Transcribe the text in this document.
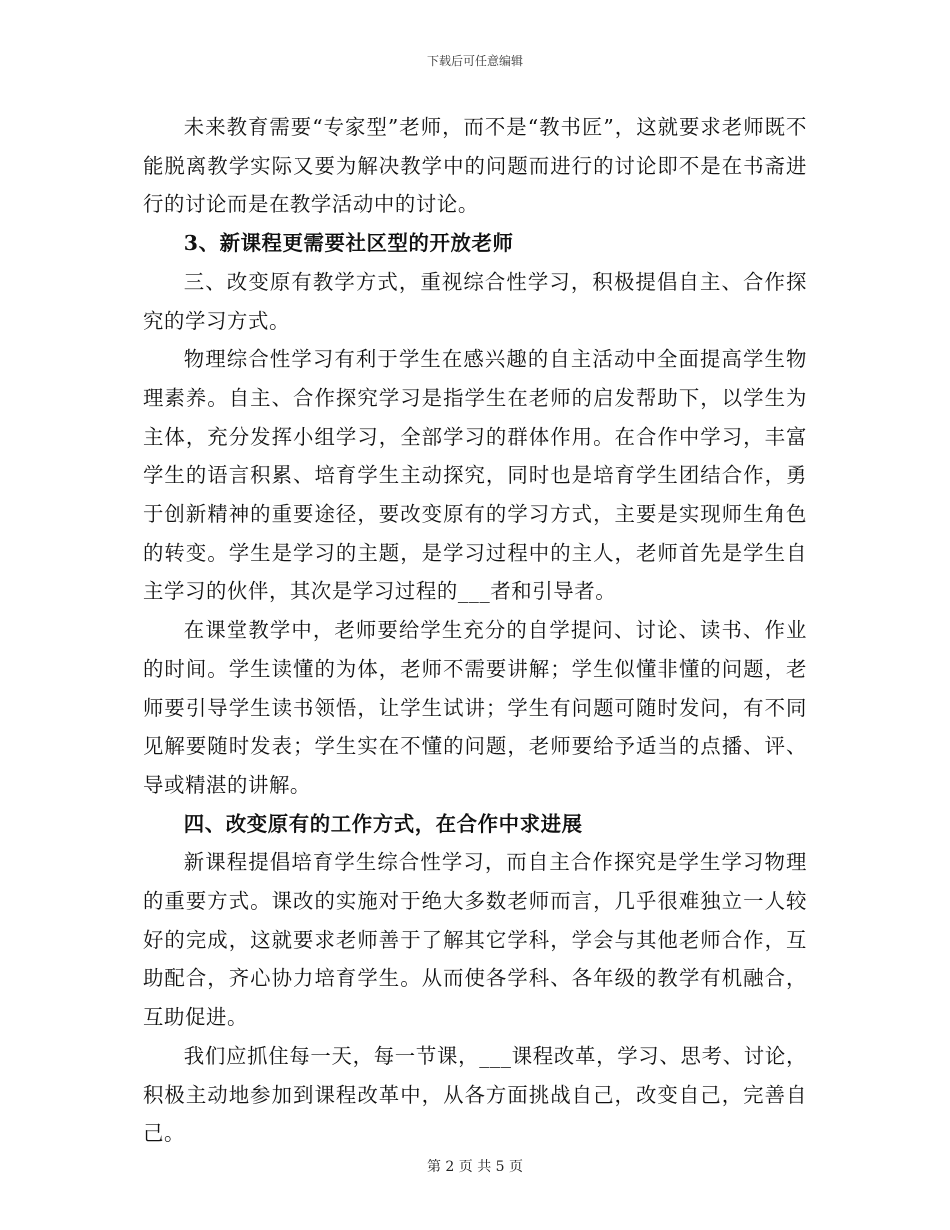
下载后可任意编辑

未来教育需要“专家型”老师，而不是“教书匠”，这就要求老师既不能脱离教学实际又要为解决教学中的问题而进行的讨论即不是在书斋进行的讨论而是在教学活动中的讨论。

3、新课程更需要社区型的开放老师

三、改变原有教学方式，重视综合性学习，积极提倡自主、合作探究的学习方式。

物理综合性学习有利于学生在感兴趣的自主活动中全面提高学生物理素养。自主、合作探究学习是指学生在老师的启发帮助下，以学生为主体，充分发挥小组学习，全部学习的群体作用。在合作中学习，丰富学生的语言积累、培育学生主动探究，同时也是培育学生团结合作，勇于创新精神的重要途径，要改变原有的学习方式，主要是实现师生角色的转变。学生是学习的主题，是学习过程中的主人，老师首先是学生自主学习的伙伴，其次是学习过程的___者和引导者。

在课堂教学中，老师要给学生充分的自学提问、讨论、读书、作业的时间。学生读懂的为体，老师不需要讲解；学生似懂非懂的问题，老师要引导学生读书领悟，让学生试讲；学生有问题可随时发问，有不同见解要随时发表；学生实在不懂的问题，老师要给予适当的点播、评、导或精湛的讲解。

四、改变原有的工作方式，在合作中求进展

新课程提倡培育学生综合性学习，而自主合作探究是学生学习物理的重要方式。课改的实施对于绝大多数老师而言，几乎很难独立一人较好的完成，这就要求老师善于了解其它学科，学会与其他老师合作，互助配合，齐心协力培育学生。从而使各学科、各年级的教学有机融合，互助促进。

我们应抓住每一天，每一节课，___课程改革，学习、思考、讨论，积极主动地参加到课程改革中，从各方面挑战自己，改变自己，完善自己。

第 2 页 共 5 页
